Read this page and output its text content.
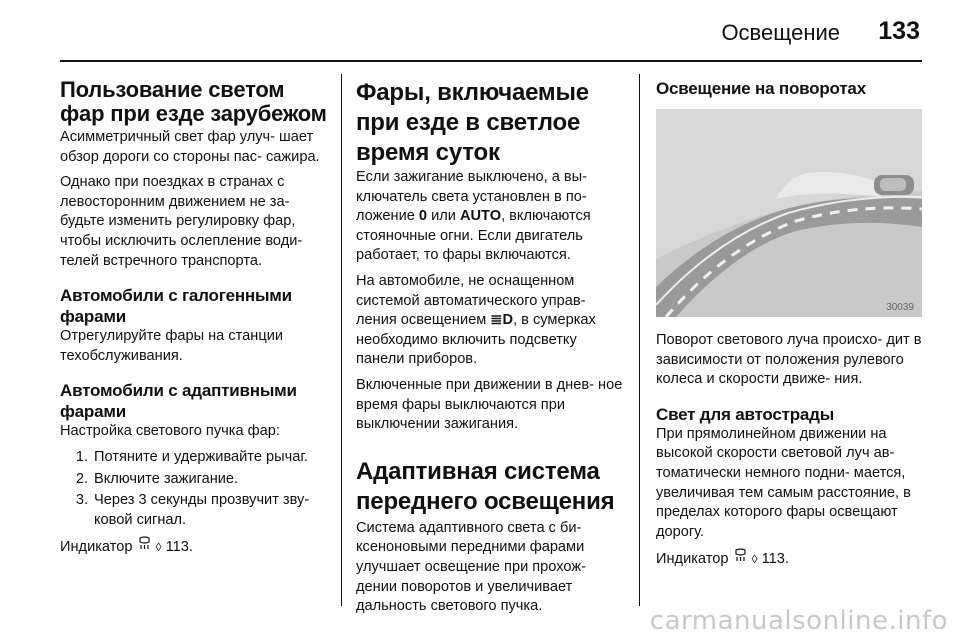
Освещение 133
Пользование светом фар при езде зарубежом

Асимметричный свет фар улуч- шает обзор дороги со стороны пас- сажира.

Однако при поездках в странах с левосторонним движением не за- будьте изменить регулировку фар, чтобы исключить ослепление води- телей встречного транспорта.

Автомобили с галогенными фарами

Отрегулируйте фары на станции техобслуживания.

Автомобили с адаптивными фарами

Настройка светового пучка фар:

1. Потяните и удерживайте рычаг.
2. Включите зажигание.
3. Через 3 секунды прозвучит зву- ковой сигнал.

Индикатор ◊ 113.

Фары, включаемые при езде в светлое время суток

Если зажигание выключено, а вы- ключатель света установлен в по- ложение 0 или AUTO, включаются стояночные огни. Если двигатель работает, то фары включаются.

На автомобиле, не оснащенном системой автоматического управ- ления освещением ≣D, в сумерках необходимо включить подсветку панели приборов.

Включенные при движении в днев- ное время фары выключаются при выключении зажигания.

Адаптивная система переднего освещения

Система адаптивного света с би- ксеноновыми передними фарами улучшает освещение при прохож- дении поворотов и увеличивает дальность светового пучка.

Освещение на поворотах
30039

Поворот светового луча происхо- дит в зависимости от положения рулевого колеса и скорости движе- ния.

Свет для автострады

При прямолинейном движении на высокой скорости световой луч ав- томатически немного подни- мается, увеличивая тем самым расстояние, в пределах которого фары освещают дорогу.

Индикатор ◊ 113.

carmanualsonline.info
